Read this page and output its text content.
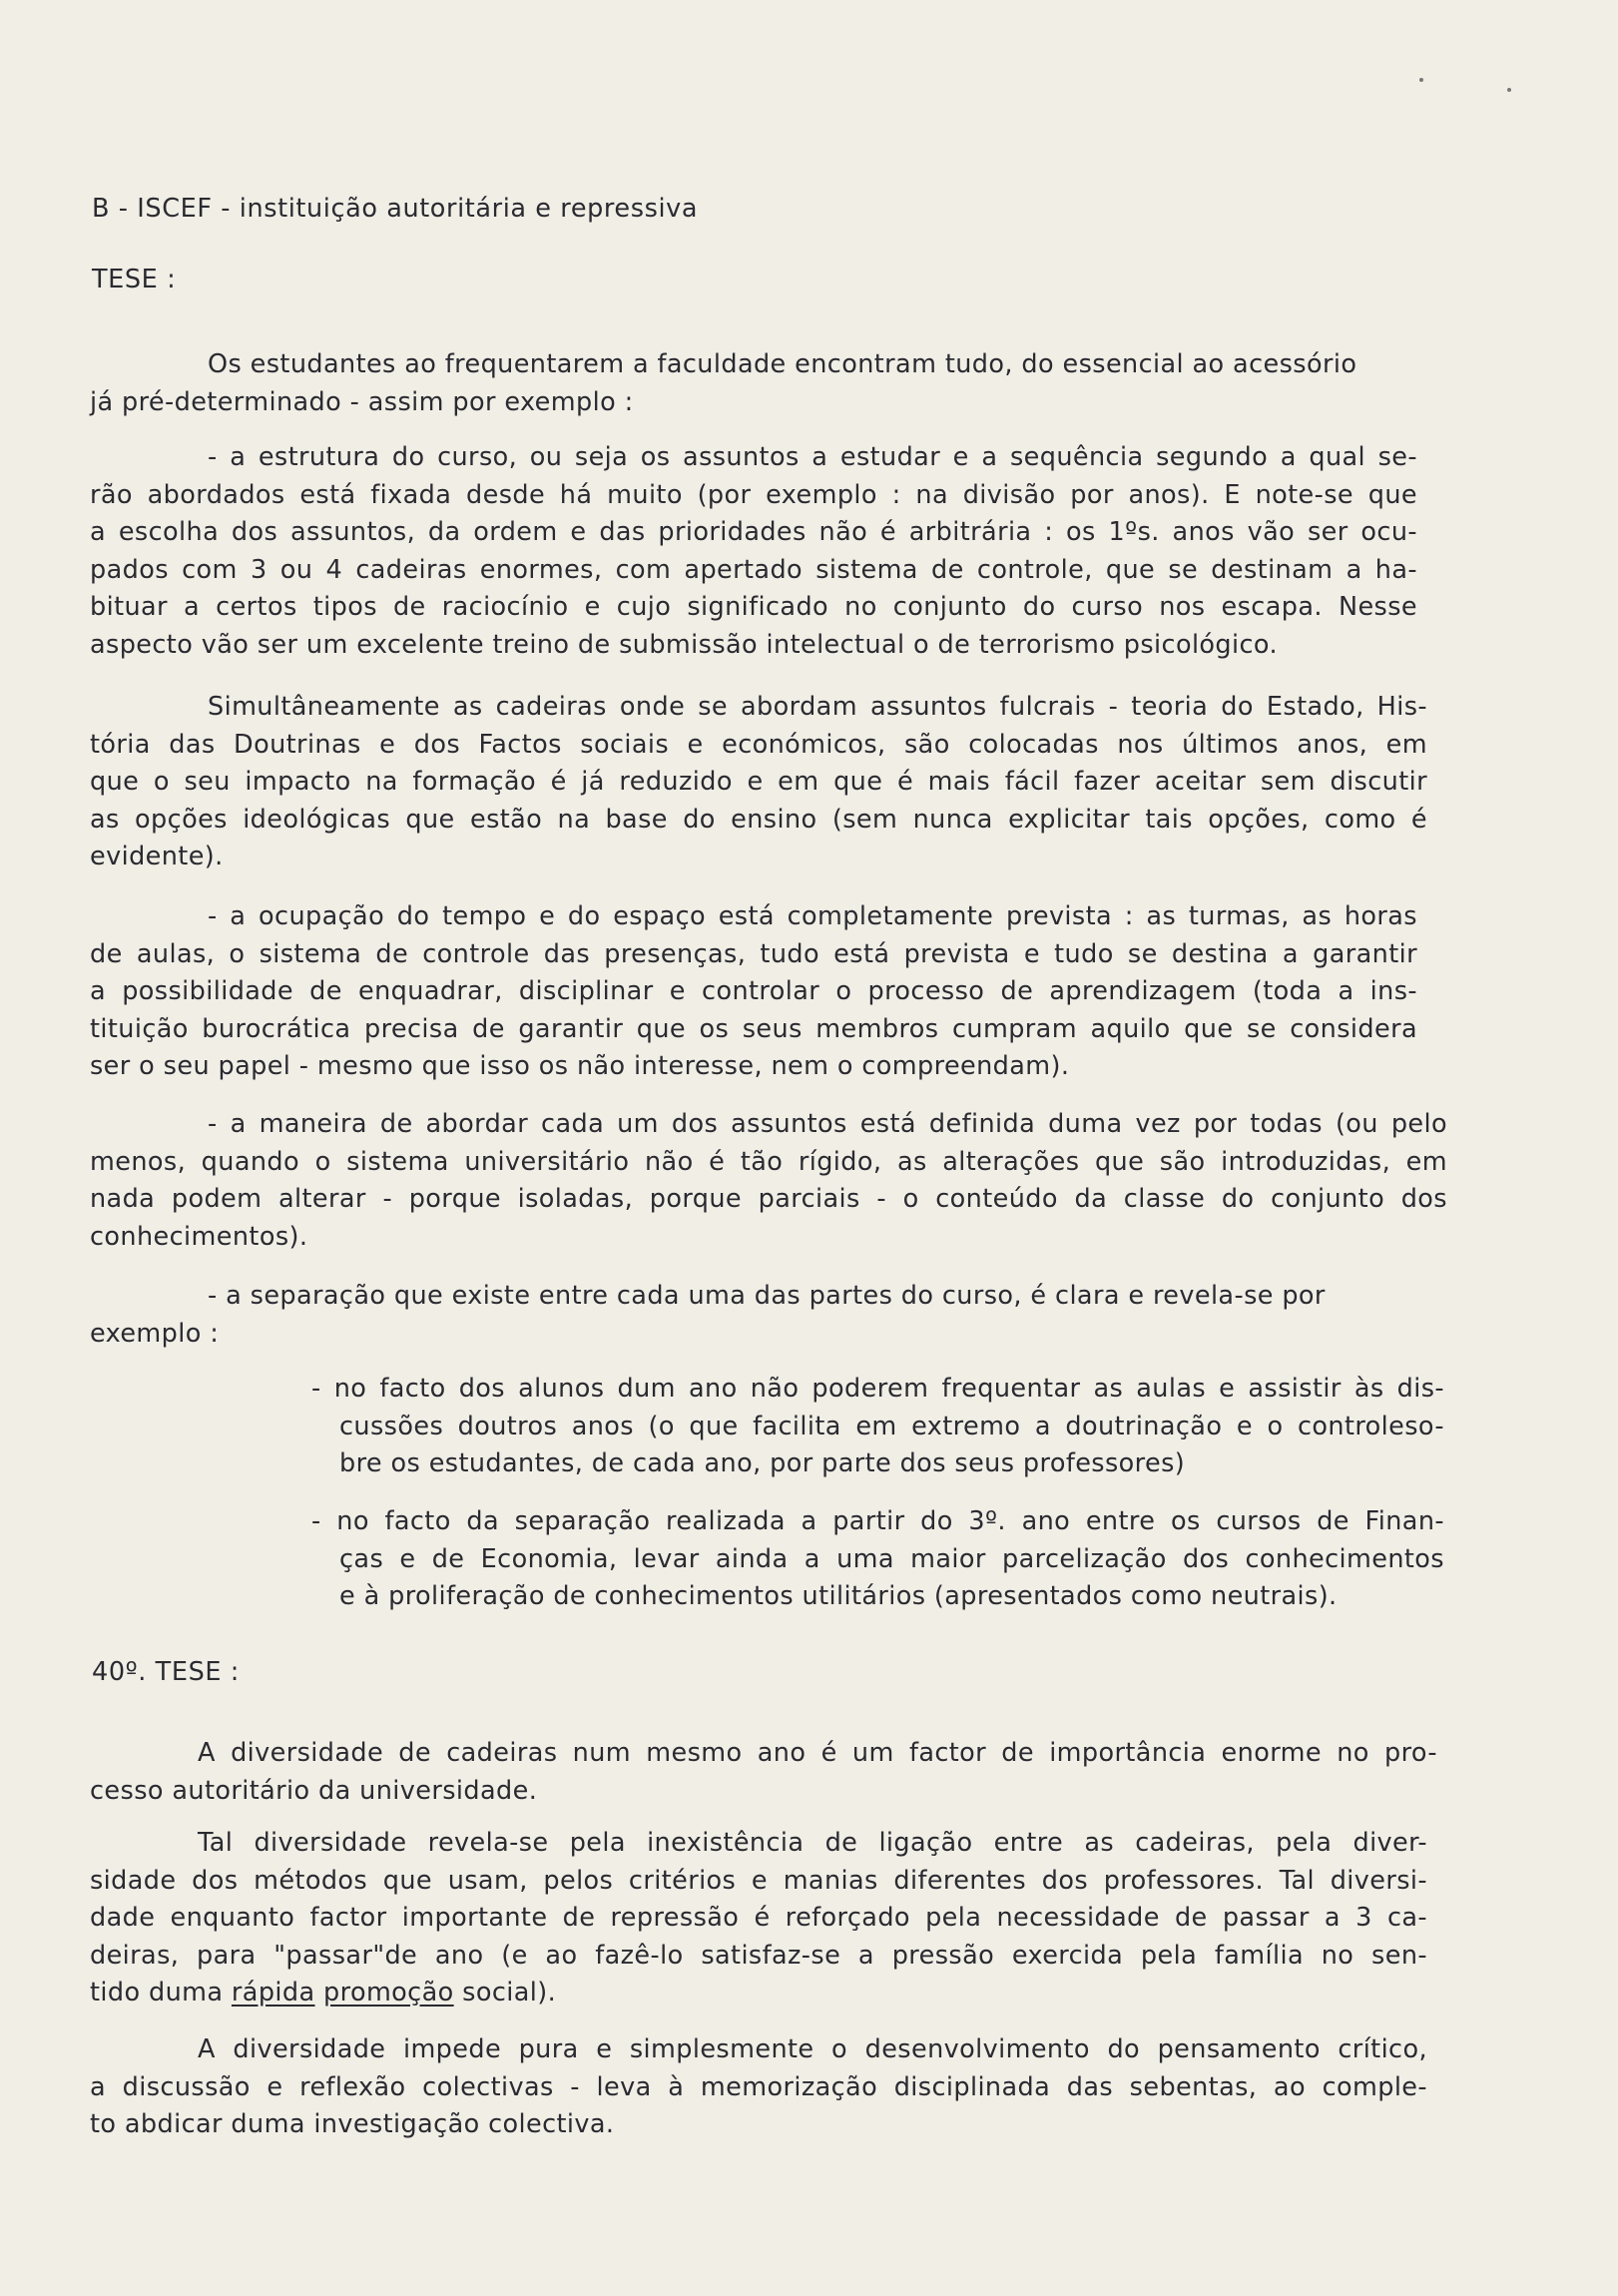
B - ISCEF - instituição autoritária e repressiva
TESE :

Os estudantes ao frequentarem a faculdade encontram tudo, do essencial ao acessório

já pré-determinado - assim por exemplo :

- a estrutura do curso, ou seja os assuntos a estudar e a sequência segundo a qual se-

rão abordados está fixada desde há muito (por exemplo : na divisão por anos). E note-se que

a escolha dos assuntos, da ordem e das prioridades não é arbitrária : os 1ºs. anos vão ser ocu-

pados com 3 ou 4 cadeiras enormes, com apertado sistema de controle, que se destinam a ha-

bituar a certos tipos de raciocínio e cujo significado no conjunto do curso nos escapa. Nesse

aspecto vão ser um excelente treino de submissão intelectual o de terrorismo psicológico.

Simultâneamente as cadeiras onde se abordam assuntos fulcrais - teoria do Estado, His-

tória das Doutrinas e dos Factos sociais e económicos, são colocadas nos últimos anos, em

que o seu impacto na formação é já reduzido e em que é mais fácil fazer aceitar sem discutir

as opções ideológicas que estão na base do ensino (sem nunca explicitar tais opções, como é

evidente).

- a ocupação do tempo e do espaço está completamente prevista : as turmas, as horas

de aulas, o sistema de controle das presenças, tudo está prevista e tudo se destina a garantir

a possibilidade de enquadrar, disciplinar e controlar o processo de aprendizagem (toda a ins-

tituição burocrática precisa de garantir que os seus membros cumpram aquilo que se considera

ser o seu papel - mesmo que isso os não interesse, nem o compreendam).

- a maneira de abordar cada um dos assuntos está definida duma vez por todas (ou pelo

menos, quando o sistema universitário não é tão rígido, as alterações que são introduzidas, em

nada podem alterar - porque isoladas, porque parciais - o conteúdo da classe do conjunto dos

conhecimentos).

- a separação que existe entre cada uma das partes do curso, é clara e revela-se por

exemplo :

- no facto dos alunos dum ano não poderem frequentar as aulas e assistir às dis-

cussões doutros anos (o que facilita em extremo a doutrinação e o controleso-

bre os estudantes, de cada ano, por parte dos seus professores)

- no facto da separação realizada a partir do 3º. ano entre os cursos de Finan-

ças e de Economia, levar ainda a uma maior parcelização dos conhecimentos

e à proliferação de conhecimentos utilitários (apresentados como neutrais).

40º. TESE :

A diversidade de cadeiras num mesmo ano é um factor de importância enorme no pro-

cesso autoritário da universidade.

Tal diversidade revela-se pela inexistência de ligação entre as cadeiras, pela diver-

sidade dos métodos que usam, pelos critérios e manias diferentes dos professores. Tal diversi-

dade enquanto factor importante de repressão é reforçado pela necessidade de passar a 3 ca-

deiras, para "passar"de ano (e ao fazê-lo satisfaz-se a pressão exercida pela família no sen-

tido duma rápida promoção social).

A diversidade impede pura e simplesmente o desenvolvimento do pensamento crítico,

a discussão e reflexão colectivas - leva à memorização disciplinada das sebentas, ao comple-

to abdicar duma investigação colectiva.
